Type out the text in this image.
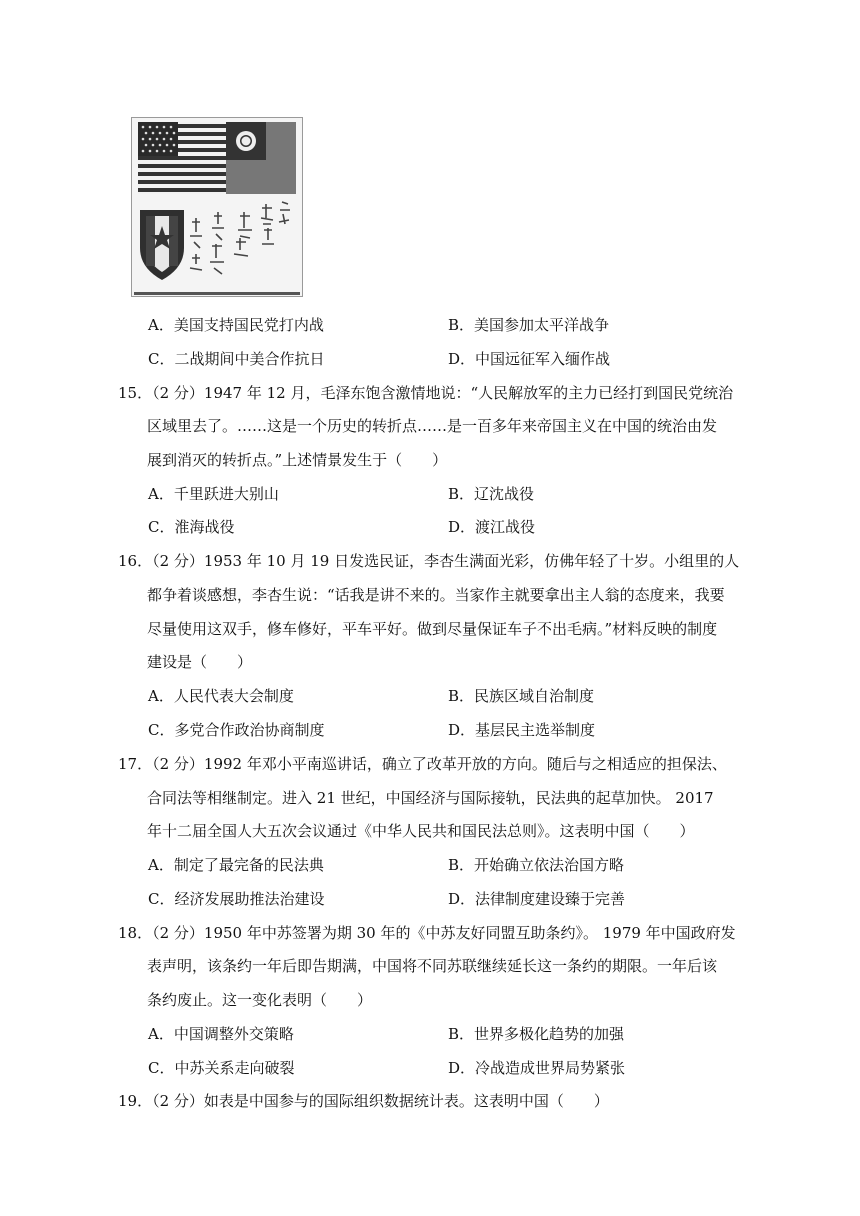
A．美国支持国民党打内战	B．美国参加太平洋战争
C．二战期间中美合作抗日	D．中国远征军入缅作战
15．（2 分）1947 年 12 月，毛泽东饱含激情地说：“人民解放军的主力已经打到国民党统治
区域里去了。……这是一个历史的转折点……是一百多年来帝国主义在中国的统治由发
展到消灭的转折点。”上述情景发生于（　　）
A．千里跃进大别山	B．辽沈战役
C．淮海战役	D．渡江战役
16．（2 分）1953 年 10 月 19 日发选民证，李杏生满面光彩，仿佛年轻了十岁。小组里的人
都争着谈感想，李杏生说：“话我是讲不来的。当家作主就要拿出主人翁的态度来，我要
尽量使用这双手，修车修好，平车平好。做到尽量保证车子不出毛病。”材料反映的制度
建设是（　　）
A．人民代表大会制度	B．民族区域自治制度
C．多党合作政治协商制度	D．基层民主选举制度
17．（2 分）1992 年邓小平南巡讲话，确立了改革开放的方向。随后与之相适应的担保法、
合同法等相继制定。进入 21 世纪，中国经济与国际接轨，民法典的起草加快。 2017
年十二届全国人大五次会议通过《中华人民共和国民法总则》。这表明中国（　　）
A．制定了最完备的民法典	B．开始确立依法治国方略
C．经济发展助推法治建设	D．法律制度建设臻于完善
18．（2 分）1950 年中苏签署为期 30 年的《中苏友好同盟互助条约》。 1979 年中国政府发
表声明，该条约一年后即告期满，中国将不同苏联继续延长这一条约的期限。一年后该
条约废止。这一变化表明（　　）
A．中国调整外交策略	B．世界多极化趋势的加强
C．中苏关系走向破裂	D．冷战造成世界局势紧张
19．（2 分）如表是中国参与的国际组织数据统计表。这表明中国（　　）
